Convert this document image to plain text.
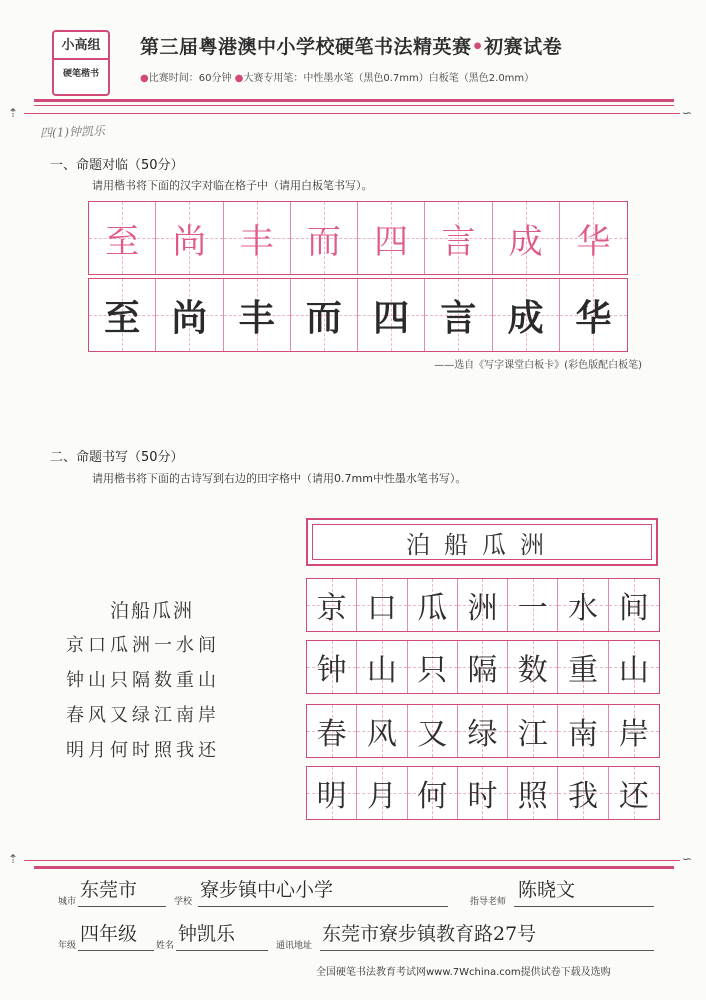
小高组
硬笔楷书
第三届粤港澳中小学校硬笔书法精英赛•初赛试卷
●比赛时间：60分钟 ●大赛专用笔：中性墨水笔（黑色0.7mm）白板笔（黑色2.0mm）
⇡	∽
四(1)钟凯乐
一、命题对临（50分）
请用楷书将下面的汉字对临在格子中（请用白板笔书写）。
至 尚 丰 而 四 言 成 华
至 尚 丰 而 四 言 成 华
——选自《写字课堂白板卡》(彩色版配白板笔)
二、命题书写（50分）
请用楷书将下面的古诗写到右边的田字格中（请用0.7mm中性墨水笔书写）。
泊船瓜洲
京口瓜洲一水间
钟山只隔数重山
春风又绿江南岸
明月何时照我还
泊船瓜洲
京 口 瓜 洲 一 水 间
钟 山 只 隔 数 重 山
春 风 又 绿 江 南 岸
明 月 何 时 照 我 还
⇡	∽
城市
东莞市
学校
寮步镇中心小学
指导老师
陈晓文
年级
四年级
姓名
钟凯乐
通讯地址
东莞市寮步镇教育路27号
全国硬笔书法教育考试网www.7Wchina.com提供试卷下载及选购
